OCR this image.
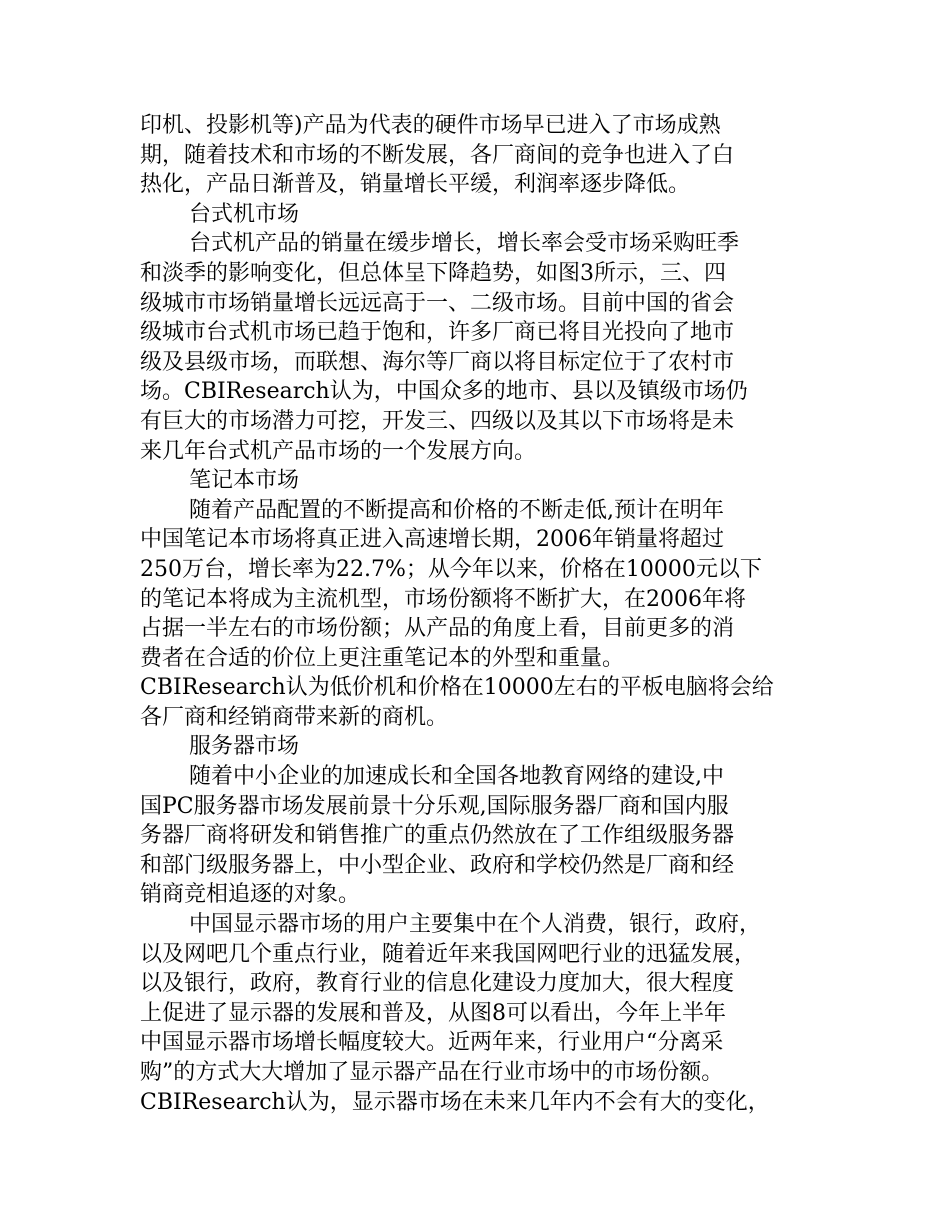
印机、投影机等)产品为代表的硬件市场早已进入了市场成熟
期，随着技术和市场的不断发展，各厂商间的竞争也进入了白
热化，产品日渐普及，销量增长平缓，利润率逐步降低。
台式机市场
台式机产品的销量在缓步增长，增长率会受市场采购旺季
和淡季的影响变化，但总体呈下降趋势，如图3所示，三、四
级城市市场销量增长远远高于一、二级市场。目前中国的省会
级城市台式机市场已趋于饱和，许多厂商已将目光投向了地市
级及县级市场，而联想、海尔等厂商以将目标定位于了农村市
场。CBIResearch认为，中国众多的地市、县以及镇级市场仍
有巨大的市场潜力可挖，开发三、四级以及其以下市场将是未
来几年台式机产品市场的一个发展方向。
笔记本市场
随着产品配置的不断提高和价格的不断走低,预计在明年
中国笔记本市场将真正进入高速增长期，2006年销量将超过
250万台，增长率为22.7%；从今年以来，价格在10000元以下
的笔记本将成为主流机型，市场份额将不断扩大，在2006年将
占据一半左右的市场份额；从产品的角度上看，目前更多的消
费者在合适的价位上更注重笔记本的外型和重量。
CBIResearch认为低价机和价格在10000左右的平板电脑将会给
各厂商和经销商带来新的商机。
服务器市场
随着中小企业的加速成长和全国各地教育网络的建设,中
国PC服务器市场发展前景十分乐观,国际服务器厂商和国内服
务器厂商将研发和销售推广的重点仍然放在了工作组级服务器
和部门级服务器上，中小型企业、政府和学校仍然是厂商和经
销商竞相追逐的对象。
中国显示器市场的用户主要集中在个人消费，银行，政府，
以及网吧几个重点行业，随着近年来我国网吧行业的迅猛发展，
以及银行，政府，教育行业的信息化建设力度加大，很大程度
上促进了显示器的发展和普及，从图8可以看出，今年上半年
中国显示器市场增长幅度较大。近两年来，行业用户“分离采
购”的方式大大增加了显示器产品在行业市场中的市场份额。
CBIResearch认为，显示器市场在未来几年内不会有大的变化，
